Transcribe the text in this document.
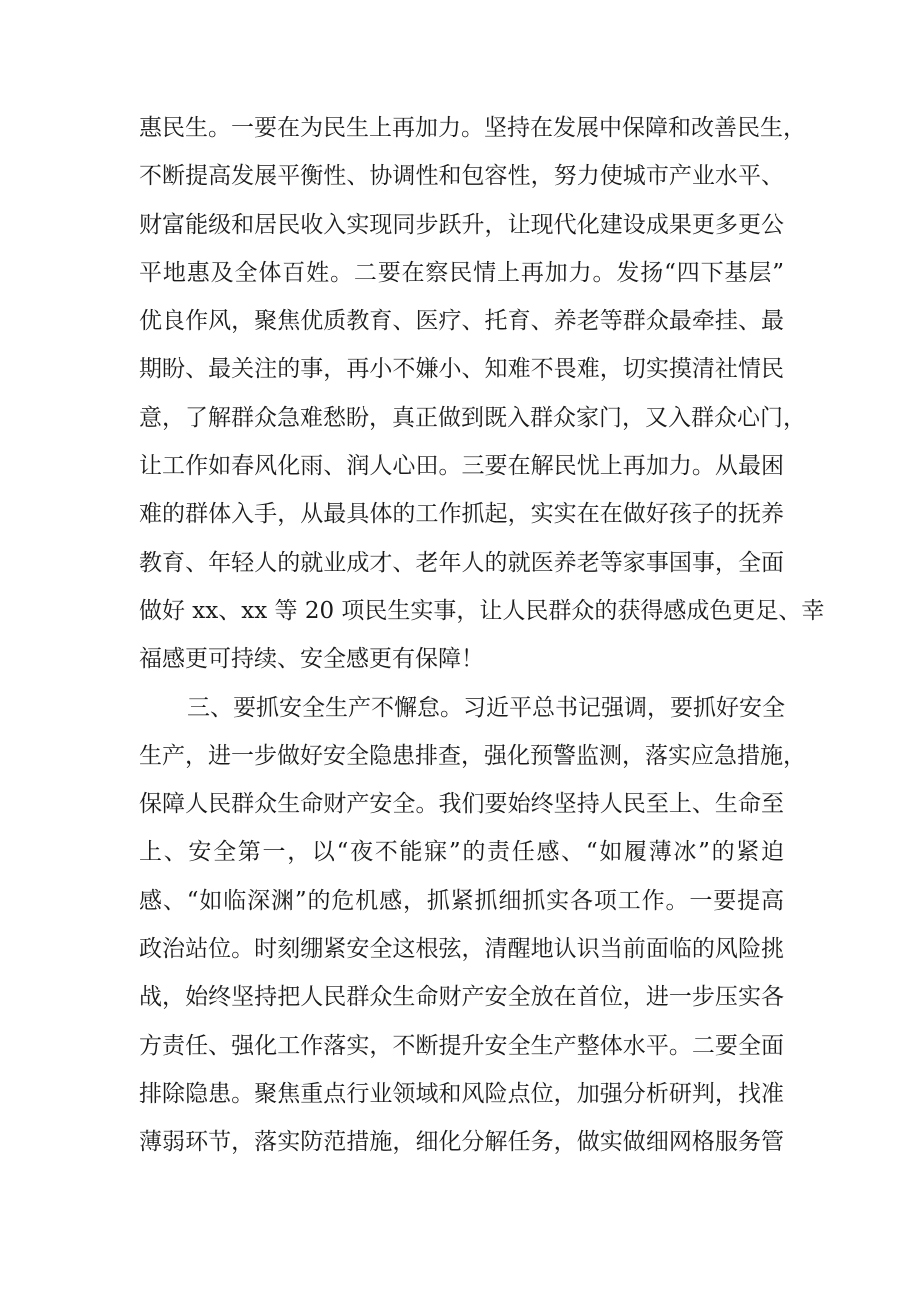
惠民生。一要在为民生上再加力。坚持在发展中保障和改善民生，
不断提高发展平衡性、协调性和包容性，努力使城市产业水平、
财富能级和居民收入实现同步跃升，让现代化建设成果更多更公
平地惠及全体百姓。二要在察民情上再加力。发扬“四下基层”
优良作风，聚焦优质教育、医疗、托育、养老等群众最牵挂、最
期盼、最关注的事，再小不嫌小、知难不畏难，切实摸清社情民
意，了解群众急难愁盼，真正做到既入群众家门，又入群众心门，
让工作如春风化雨、润人心田。三要在解民忧上再加力。从最困
难的群体入手，从最具体的工作抓起，实实在在做好孩子的抚养
教育、年轻人的就业成才、老年人的就医养老等家事国事，全面
做好 xx、xx 等 20 项民生实事，让人民群众的获得感成色更足、幸
福感更可持续、安全感更有保障！
三、要抓安全生产不懈怠。习近平总书记强调，要抓好安全
生产，进一步做好安全隐患排查，强化预警监测，落实应急措施，
保障人民群众生命财产安全。我们要始终坚持人民至上、生命至
上、安全第一，以“夜不能寐”的责任感、“如履薄冰”的紧迫
感、“如临深渊”的危机感，抓紧抓细抓实各项工作。一要提高
政治站位。时刻绷紧安全这根弦，清醒地认识当前面临的风险挑
战，始终坚持把人民群众生命财产安全放在首位，进一步压实各
方责任、强化工作落实，不断提升安全生产整体水平。二要全面
排除隐患。聚焦重点行业领域和风险点位，加强分析研判，找准
薄弱环节，落实防范措施，细化分解任务，做实做细网格服务管
